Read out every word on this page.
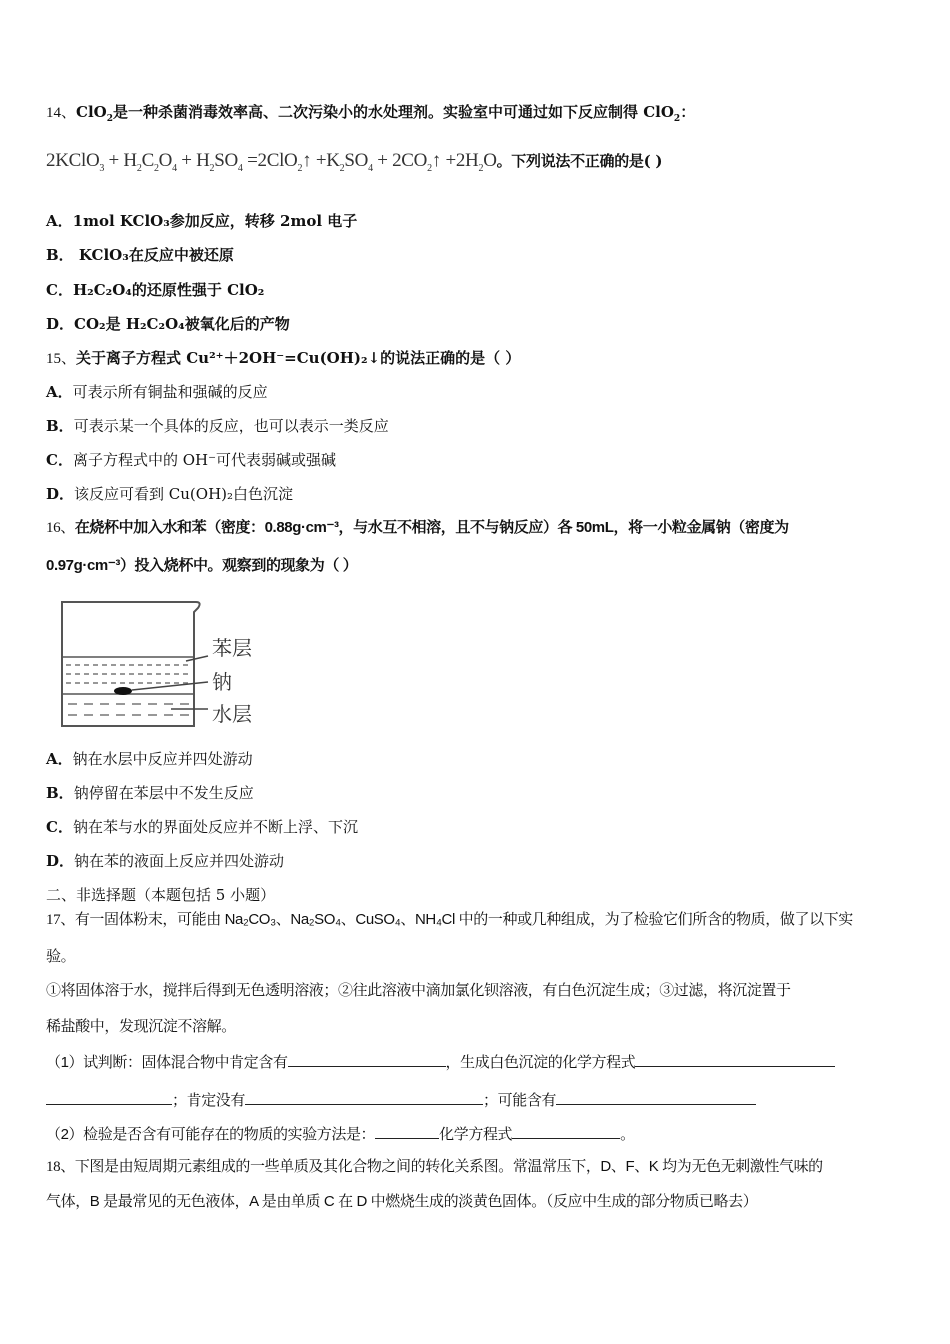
14、ClO$_2$是一种杀菌消毒效率高、二次污染小的水处理剂。实验室中可通过如下反应制得 ClO$_2$：
2KClO$_3$ + $H_2C_2O_4 + H_2SO_4$ =2ClO$_2$↑ $+K_2SO_4$ + $2CO_2↑ +2H_2O$。下列说法不正确的是( )
A．1mol KClO₃参加反应，转移 2mol 电子
B． KClO₃在反应中被还原
C．H₂C₂O₄的还原性强于 ClO₂
D．CO₂是 H₂C₂O₄被氧化后的产物
15、关于离子方程式 Cu²⁺＋2OH⁻=Cu(OH)₂↓的说法正确的是（ ）
A．可表示所有铜盐和强碱的反应
B．可表示某一个具体的反应，也可以表示一类反应
C．离子方程式中的 OH⁻可代表弱碱或强碱
D．该反应可看到 Cu(OH)₂白色沉淀
16、在烧杯中加入水和苯（密度：0.88g·cm⁻³，与水互不相溶，且不与钠反应）各 50mL，将一小粒金属钠（密度为
0.97g·cm⁻³）投入烧杯中。观察到的现象为（ ）
苯层
钠
水层
A．钠在水层中反应并四处游动
B．钠停留在苯层中不发生反应
C．钠在苯与水的界面处反应并不断上浮、下沉
D．钠在苯的液面上反应并四处游动
二、非选择题（本题包括 5 小题）
17、有一固体粉末，可能由 Na₂CO₃、Na₂SO₄、CuSO₄、NH₄Cl 中的一种或几种组成，为了检验它们所含的物质，做了以下实
验。
①将固体溶于水，搅拌后得到无色透明溶液；②往此溶液中滴加氯化钡溶液，有白色沉淀生成；③过滤，将沉淀置于
稀盐酸中，发现沉淀不溶解。
（1）试判断：固体混合物中肯定含有	，生成白色沉淀的化学方程式
；肯定没有	；可能含有
（2）检验是否含有可能存在的物质的实验方法是：	化学方程式	。
18、下图是由短周期元素组成的一些单质及其化合物之间的转化关系图。常温常压下，D、F、K 均为无色无刺激性气味的
气体，B 是最常见的无色液体，A 是由单质 C 在 D 中燃烧生成的淡黄色固体。（反应中生成的部分物质已略去）
